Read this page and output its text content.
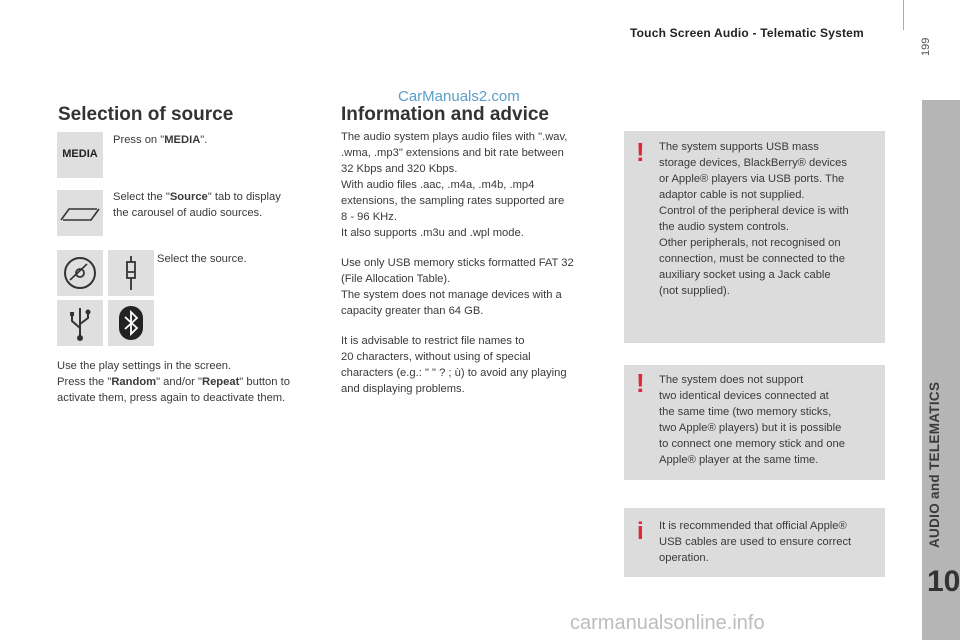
Touch Screen Audio - Telematic System
199
CarManuals2.com
Selection of source
MEDIA
Press on "MEDIA".
Select the "Source" tab to display
the carousel of audio sources.
Select the source.
Use the play settings in the screen.
Press the "Random" and/or "Repeat" button to
activate them, press again to deactivate them.
Information and advice
The audio system plays audio files with ".wav,
.wma, .mp3" extensions and bit rate between
32 Kbps and 320 Kbps.
With audio files .aac, .m4a, .m4b, .mp4
extensions, the sampling rates supported are
8 - 96 KHz.
It also supports .m3u and .wpl mode.
Use only USB memory sticks formatted FAT 32
(File Allocation Table).
The system does not manage devices with a
capacity greater than 64 GB.
It is advisable to restrict file names to
20 characters, without using of special
characters (e.g.: " " ? ; ù) to avoid any playing
and displaying problems.
! The system supports USB mass
storage devices, BlackBerry® devices
or Apple® players via USB ports. The
adaptor cable is not supplied.
Control of the peripheral device is with
the audio system controls.
Other peripherals, not recognised on
connection, must be connected to the
auxiliary socket using a Jack cable
(not supplied).
! The system does not support
two identical devices connected at
the same time (two memory sticks,
two Apple® players) but it is possible
to connect one memory stick and one
Apple® player at the same time.
i It is recommended that official Apple®
USB cables are used to ensure correct
operation.
AUDIO and TELEMATICS
10
carmanualsonline.info
